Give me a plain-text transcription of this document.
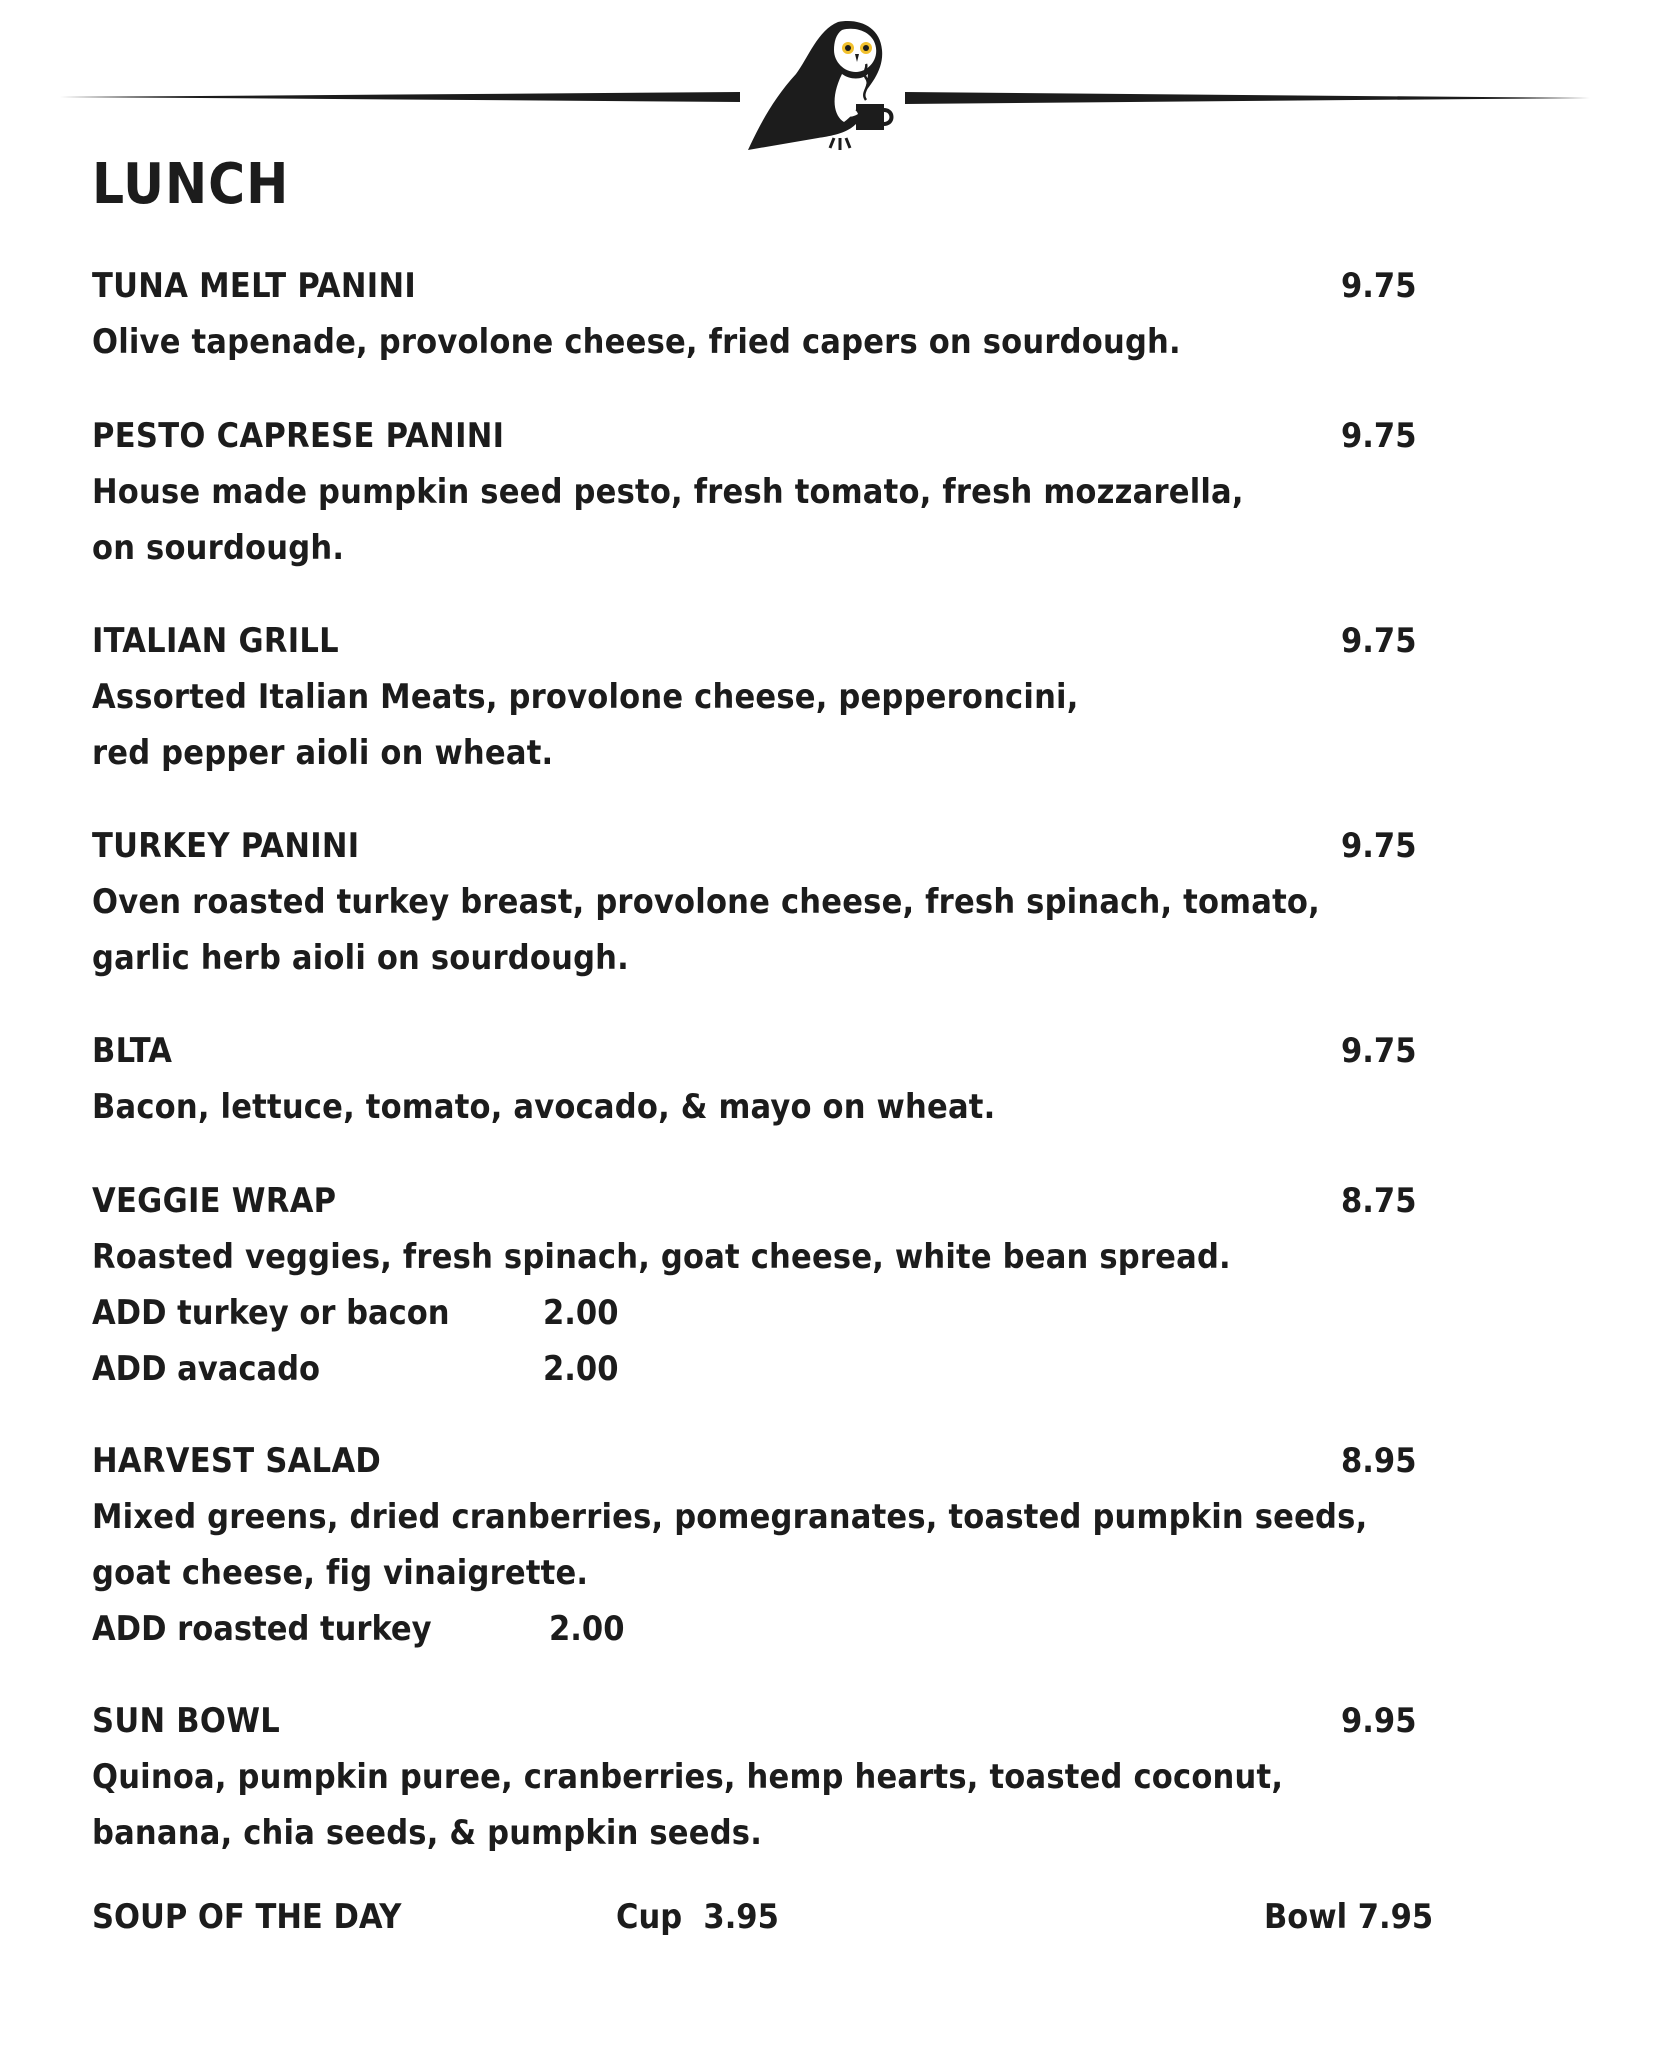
LUNCH
TUNA MELT PANINI	9.75
Olive tapenade, provolone cheese, fried capers on sourdough.
PESTO CAPRESE PANINI	9.75
House made pumpkin seed pesto, fresh tomato, fresh mozzarella,
on sourdough.
ITALIAN GRILL	9.75
Assorted Italian Meats, provolone cheese, pepperoncini,
red pepper aioli on wheat.
TURKEY PANINI	9.75
Oven roasted turkey breast, provolone cheese, fresh spinach, tomato,
garlic herb aioli on sourdough.
BLTA	9.75
Bacon, lettuce, tomato, avocado, & mayo on wheat.
VEGGIE WRAP	8.75
Roasted veggies, fresh spinach, goat cheese, white bean spread.
ADD turkey or bacon	2.00
ADD avacado	2.00
HARVEST SALAD	8.95
Mixed greens, dried cranberries, pomegranates, toasted pumpkin seeds,
goat cheese, fig vinaigrette.
ADD roasted turkey	2.00
SUN BOWL	9.95
Quinoa, pumpkin puree, cranberries, hemp hearts, toasted coconut,
banana, chia seeds, & pumpkin seeds.
SOUP OF THE DAY	Cup  3.95	Bowl 7.95
